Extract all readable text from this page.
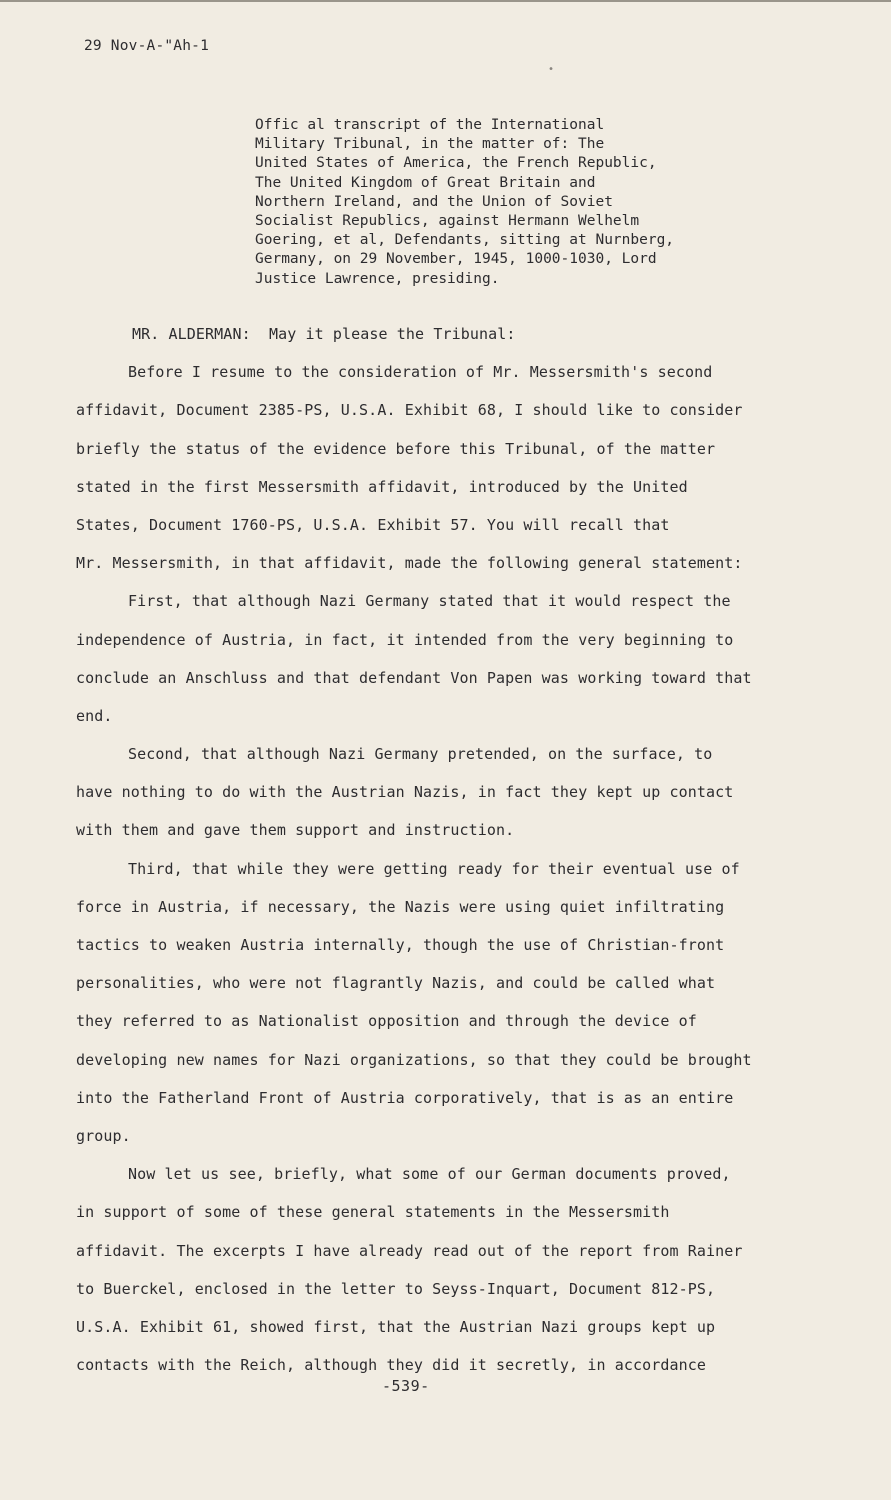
29 Nov-A-"Ah-1
•
Offic al transcript of the International
Military Tribunal, in the matter of: The
United States of America, the French Republic,
The United Kingdom of Great Britain and
Northern Ireland, and the Union of Soviet
Socialist Republics, against Hermann Welhelm
Goering, et al, Defendants, sitting at Nurnberg,
Germany, on 29 November, 1945, 1000-1030, Lord
Justice Lawrence, presiding.
MR. ALDERMAN: May it please the Tribunal:
Before I resume to the consideration of Mr. Messersmith's second
affidavit, Document 2385-PS, U.S.A. Exhibit 68, I should like to consider
briefly the status of the evidence before this Tribunal, of the matter
stated in the first Messersmith affidavit, introduced by the United
States, Document 1760-PS, U.S.A. Exhibit 57. You will recall that
Mr. Messersmith, in that affidavit, made the following general statement:
First, that although Nazi Germany stated that it would respect the
independence of Austria, in fact, it intended from the very beginning to
conclude an Anschluss and that defendant Von Papen was working toward that
end.
Second, that although Nazi Germany pretended, on the surface, to
have nothing to do with the Austrian Nazis, in fact they kept up contact
with them and gave them support and instruction.
Third, that while they were getting ready for their eventual use of
force in Austria, if necessary, the Nazis were using quiet infiltrating
tactics to weaken Austria internally, though the use of Christian-front
personalities, who were not flagrantly Nazis, and could be called what
they referred to as Nationalist opposition and through the device of
developing new names for Nazi organizations, so that they could be brought
into the Fatherland Front of Austria corporatively, that is as an entire
group.
Now let us see, briefly, what some of our German documents proved,
in support of some of these general statements in the Messersmith
affidavit. The excerpts I have already read out of the report from Rainer
to Buerckel, enclosed in the letter to Seyss-Inquart, Document 812-PS,
U.S.A. Exhibit 61, showed first, that the Austrian Nazi groups kept up
contacts with the Reich, although they did it secretly, in accordance
-539-
